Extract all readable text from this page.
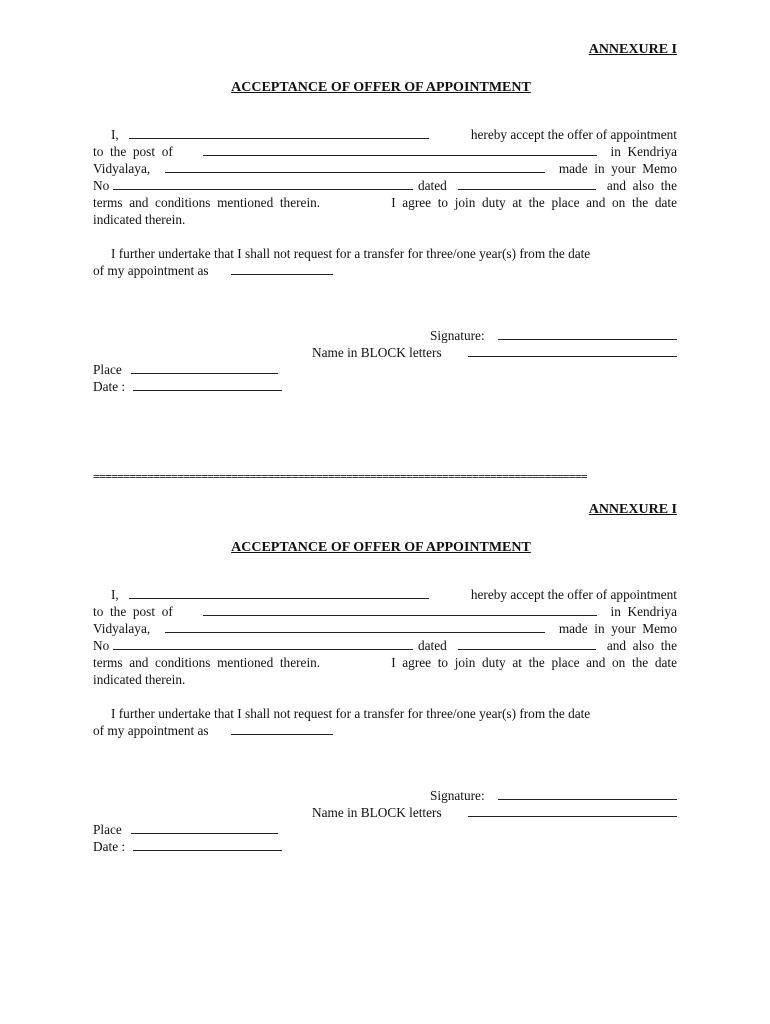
ANNEXURE I
ACCEPTANCE OF OFFER OF APPOINTMENT
I,	hereby accept the offer of appointment
to  the  post  of	in  Kendriya
Vidyalaya,	made  in  your  Memo
No	dated	and  also  the
terms  and  conditions  mentioned  therein.	I  agree  to  join  duty  at  the  place  and  on  the  date
indicated therein.
I further undertake that I shall not request for a transfer for three/one year(s) from the date
of my appointment as
Signature:
Name in BLOCK letters
Place
Date :
==================================================================================
ANNEXURE I
ACCEPTANCE OF OFFER OF APPOINTMENT
I,	hereby accept the offer of appointment
to  the  post  of	in  Kendriya
Vidyalaya,	made  in  your  Memo
No	dated	and  also  the
terms  and  conditions  mentioned  therein.	I  agree  to  join  duty  at  the  place  and  on  the  date
indicated therein.
I further undertake that I shall not request for a transfer for three/one year(s) from the date
of my appointment as
Signature:
Name in BLOCK letters
Place
Date :
